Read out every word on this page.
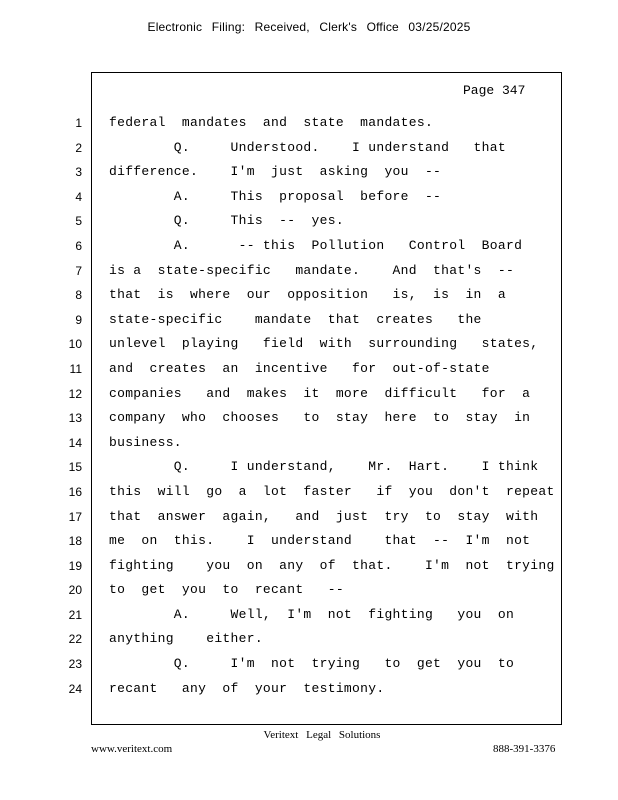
Electronic Filing: Received, Clerk's Office 03/25/2025
Page 347
1
2
3
4
5
6
7
8
9
10
11
12
13
14
15
16
17
18
19
20
21
22
23
24
federal  mandates  and  state  mandates.
Q.     Understood.    I understand   that
difference.    I'm  just  asking  you  --
A.     This  proposal  before  --
Q.     This  --  yes.
A.      -- this  Pollution   Control  Board
is a  state-specific   mandate.    And  that's  --
that  is  where  our  opposition   is,  is  in  a
state-specific    mandate  that  creates   the
unlevel  playing   field  with  surrounding   states,
and  creates  an  incentive   for  out-of-state
companies   and  makes  it  more  difficult   for  a
company  who  chooses   to  stay  here  to  stay  in
business.
Q.     I understand,    Mr.  Hart.    I think
this  will  go  a  lot  faster   if  you  don't  repeat
that  answer  again,   and  just  try  to  stay  with
me  on  this.    I  understand    that  --  I'm  not
fighting    you  on  any  of  that.    I'm  not  trying
to  get  you  to  recant   --
A.     Well,  I'm  not  fighting   you  on
anything    either.
Q.     I'm  not  trying   to  get  you  to
recant   any  of  your  testimony.
Veritext Legal Solutions
www.veritext.com	888-391-3376
